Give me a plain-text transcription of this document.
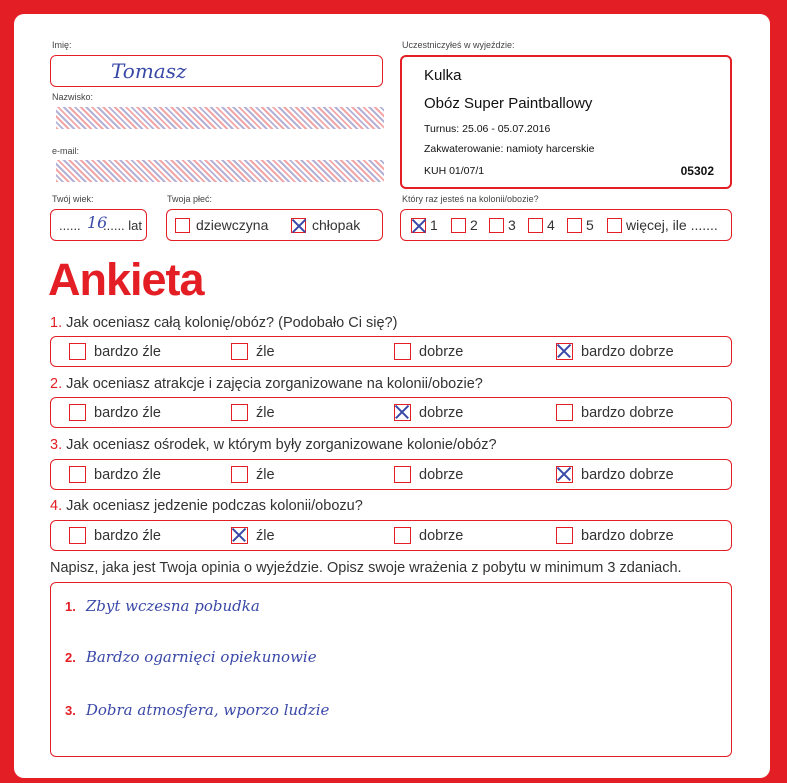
Imię:
Tomasz
Nazwisko:
e-mail:
Uczestniczyłeś w wyjeździe:
Kulka
Obóz Super Paintballowy
Turnus: 25.06 - 05.07.2016
Zakwaterowanie: namioty harcerskie
KUH 01/07/1	05302
Twój wiek:
...... 16
...... lat
Twoja płeć:
dziewczyna	chłopak
Który raz jesteś na kolonii/obozie?
1 2 3 4 5 więcej, ile .......
Ankieta
1. Jak oceniasz całą kolonię/obóz? (Podobało Ci się?)
bardzo źle	źle	dobrze	bardzo dobrze
2. Jak oceniasz atrakcje i zajęcia zorganizowane na kolonii/obozie?
bardzo źle	źle	dobrze	bardzo dobrze
3. Jak oceniasz ośrodek, w którym były zorganizowane kolonie/obóz?
bardzo źle	źle	dobrze	bardzo dobrze
4. Jak oceniasz jedzenie podczas kolonii/obozu?
bardzo źle	źle	dobrze	bardzo dobrze
Napisz, jaka jest Twoja opinia o wyjeździe. Opisz swoje wrażenia z pobytu w minimum 3 zdaniach.
1. Zbyt wczesna pobudka
2. Bardzo ogarnięci opiekunowie
3. Dobra atmosfera, wporzo ludzie
